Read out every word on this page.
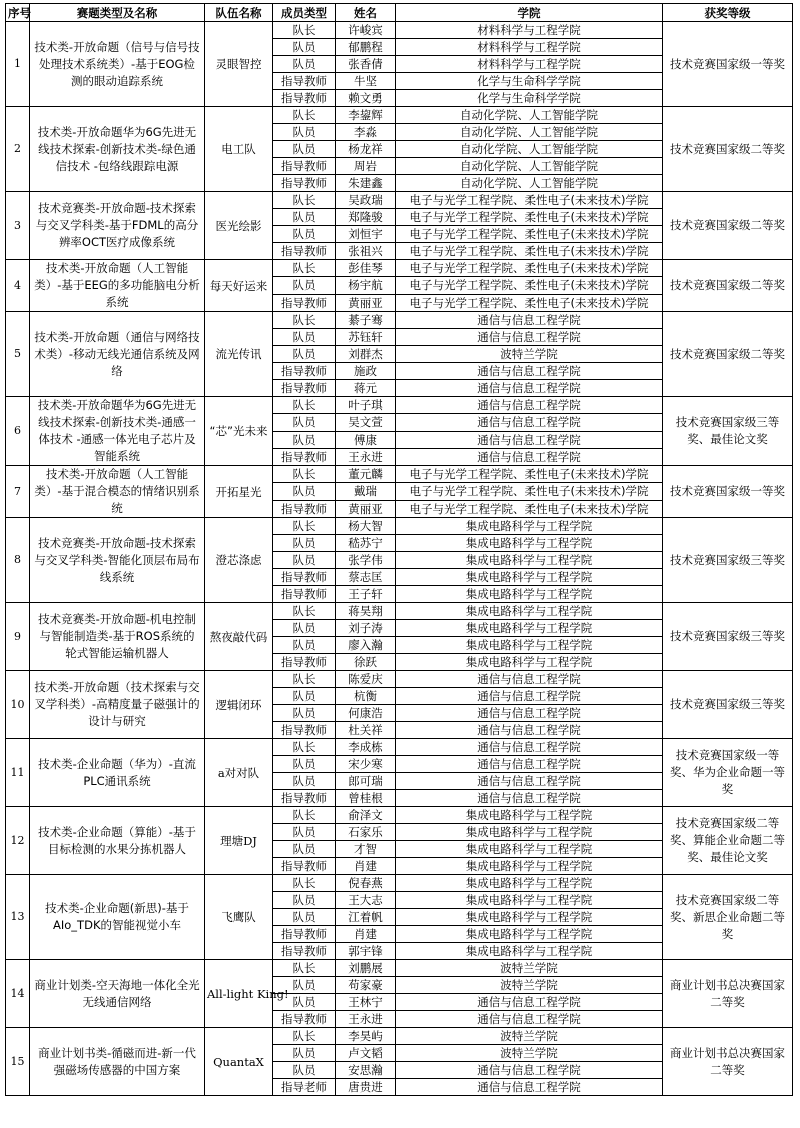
序号	赛题类型及名称	队伍名称	成员类型	姓名	学院	获奖等级
1	技术类-开放命题（信号与信号技处理技术系统类）-基于EOG检测的眼动追踪系统	灵眼智控	队长	许峻宾	材料科学与工程学院	技术竞赛国家级一等奖
			队员	郁鹏程	材料科学与工程学院	
			队员	张香倩	材料科学与工程学院	
			指导教师	牛坚	化学与生命科学学院	
			指导教师	赖文勇	化学与生命科学学院	
2	技术类-开放命题华为6G先进无线技术探索-创新技术类-绿色通信技术 -包络线跟踪电源	电工队	队长	李鋆辉	自动化学院、人工智能学院	技术竞赛国家级二等奖
			队员	李淼	自动化学院、人工智能学院	
			队员	杨龙祥	自动化学院、人工智能学院	
			指导教师	周岩	自动化学院、人工智能学院	
			指导教师	朱建鑫	自动化学院、人工智能学院	
3	技术竞赛类-开放命题-技术探索与交叉学科类-基于FDML的高分辨率OCT医疗成像系统	医光绘影	队长	吴政瑞	电子与光学工程学院、柔性电子(未来技术)学院	技术竞赛国家级二等奖
			队员	郑隆骏	电子与光学工程学院、柔性电子(未来技术)学院	
			队员	刘恒宇	电子与光学工程学院、柔性电子(未来技术)学院	
			指导教师	张祖兴	电子与光学工程学院、柔性电子(未来技术)学院	
4	技术类-开放命题（人工智能类）-基于EEG的多功能脑电分析系统	每天好运来	队长	彭佳琴	电子与光学工程学院、柔性电子(未来技术)学院	技术竞赛国家级二等奖
			队员	杨宇航	电子与光学工程学院、柔性电子(未来技术)学院	
			指导教师	黄丽亚	电子与光学工程学院、柔性电子(未来技术)学院	
5	技术类-开放命题（通信与网络技术类）-移动无线光通信系统及网络	流光传讯	队长	綦子骞	通信与信息工程学院	技术竞赛国家级二等奖
			队员	苏钰轩	通信与信息工程学院	
			队员	刘群杰	波特兰学院	
			指导教师	施政	通信与信息工程学院	
			指导教师	蒋元	通信与信息工程学院	
6	技术类-开放命题华为6G先进无线技术探索-创新技术类-通感一体技术 -通感一体光电子芯片及智能系统	“芯”光未来	队长	叶子琪	通信与信息工程学院	技术竞赛国家级三等奖、最佳论文奖
			队员	吴文萱	通信与信息工程学院	
			队员	傅康	通信与信息工程学院	
			指导教师	王永进	通信与信息工程学院	
7	技术类-开放命题（人工智能类）-基于混合模态的情绪识别系统	开拓星光	队长	董元麟	电子与光学工程学院、柔性电子(未来技术)学院	技术竞赛国家级一等奖
			队员	戴瑞	电子与光学工程学院、柔性电子(未来技术)学院	
			指导教师	黄丽亚	电子与光学工程学院、柔性电子(未来技术)学院	
8	技术竞赛类-开放命题-技术探索与交叉学科类-智能化顶层布局布线系统	澄芯涤虑	队长	杨大智	集成电路科学与工程学院	技术竞赛国家级三等奖
			队员	嵇苏宁	集成电路科学与工程学院	
			队员	张学伟	集成电路科学与工程学院	
			指导教师	蔡志匡	集成电路科学与工程学院	
			指导教师	王子轩	集成电路科学与工程学院	
9	技术竞赛类-开放命题-机电控制与智能制造类-基于ROS系统的轮式智能运输机器人	熬夜敲代码	队长	蒋昊翔	集成电路科学与工程学院	技术竞赛国家级三等奖
			队员	刘子涛	集成电路科学与工程学院	
			队员	廖入瀚	集成电路科学与工程学院	
			指导教师	徐跃	集成电路科学与工程学院	
10	技术类-开放命题（技术探索与交叉学科类）-高精度量子磁强计的设计与研究	逻辑闭环	队长	陈爱庆	通信与信息工程学院	技术竞赛国家级三等奖
			队员	杭衡	通信与信息工程学院	
			队员	何康浩	通信与信息工程学院	
			指导教师	杜关祥	通信与信息工程学院	
11	技术类-企业命题（华为）-直流PLC通讯系统	a对对队	队长	李成栋	通信与信息工程学院	技术竞赛国家级一等奖、华为企业命题一等奖
			队员	宋少寒	通信与信息工程学院	
			队员	郎可瑞	通信与信息工程学院	
			指导教师	曾桂根	通信与信息工程学院	
12	技术类-企业命题（算能）-基于目标检测的水果分拣机器人	理塘DJ	队长	俞泽文	集成电路科学与工程学院	技术竞赛国家级二等奖、算能企业命题二等奖、最佳论文奖
			队员	石家乐	集成电路科学与工程学院	
			队员	才智	集成电路科学与工程学院	
			指导教师	肖建	集成电路科学与工程学院	
13	技术类-企业命题(新思)-基于AIo_TDK的智能视觉小车	飞鹰队	队长	倪春燕	集成电路科学与工程学院	技术竞赛国家级二等奖、新思企业命题二等奖
			队员	王大志	集成电路科学与工程学院	
			队员	江着帆	集成电路科学与工程学院	
			指导教师	肖建	集成电路科学与工程学院	
			指导教师	郭宇锋	集成电路科学与工程学院	
14	商业计划类-空天海地一体化全光无线通信网络	All-light King!	队长	刘鹏展	波特兰学院	商业计划书总决赛国家二等奖
			队员	苟家豪	波特兰学院	
			队员	王林宁	通信与信息工程学院	
			指导教师	王永进	通信与信息工程学院	
15	商业计划书类-循磁而进-新一代强磁场传感器的中国方案	QuantaX	队长	李昊屿	波特兰学院	商业计划书总决赛国家二等奖
			队员	卢文韬	波特兰学院	
			队员	安思瀚	通信与信息工程学院	
			指导老师	唐贵进	通信与信息工程学院	
